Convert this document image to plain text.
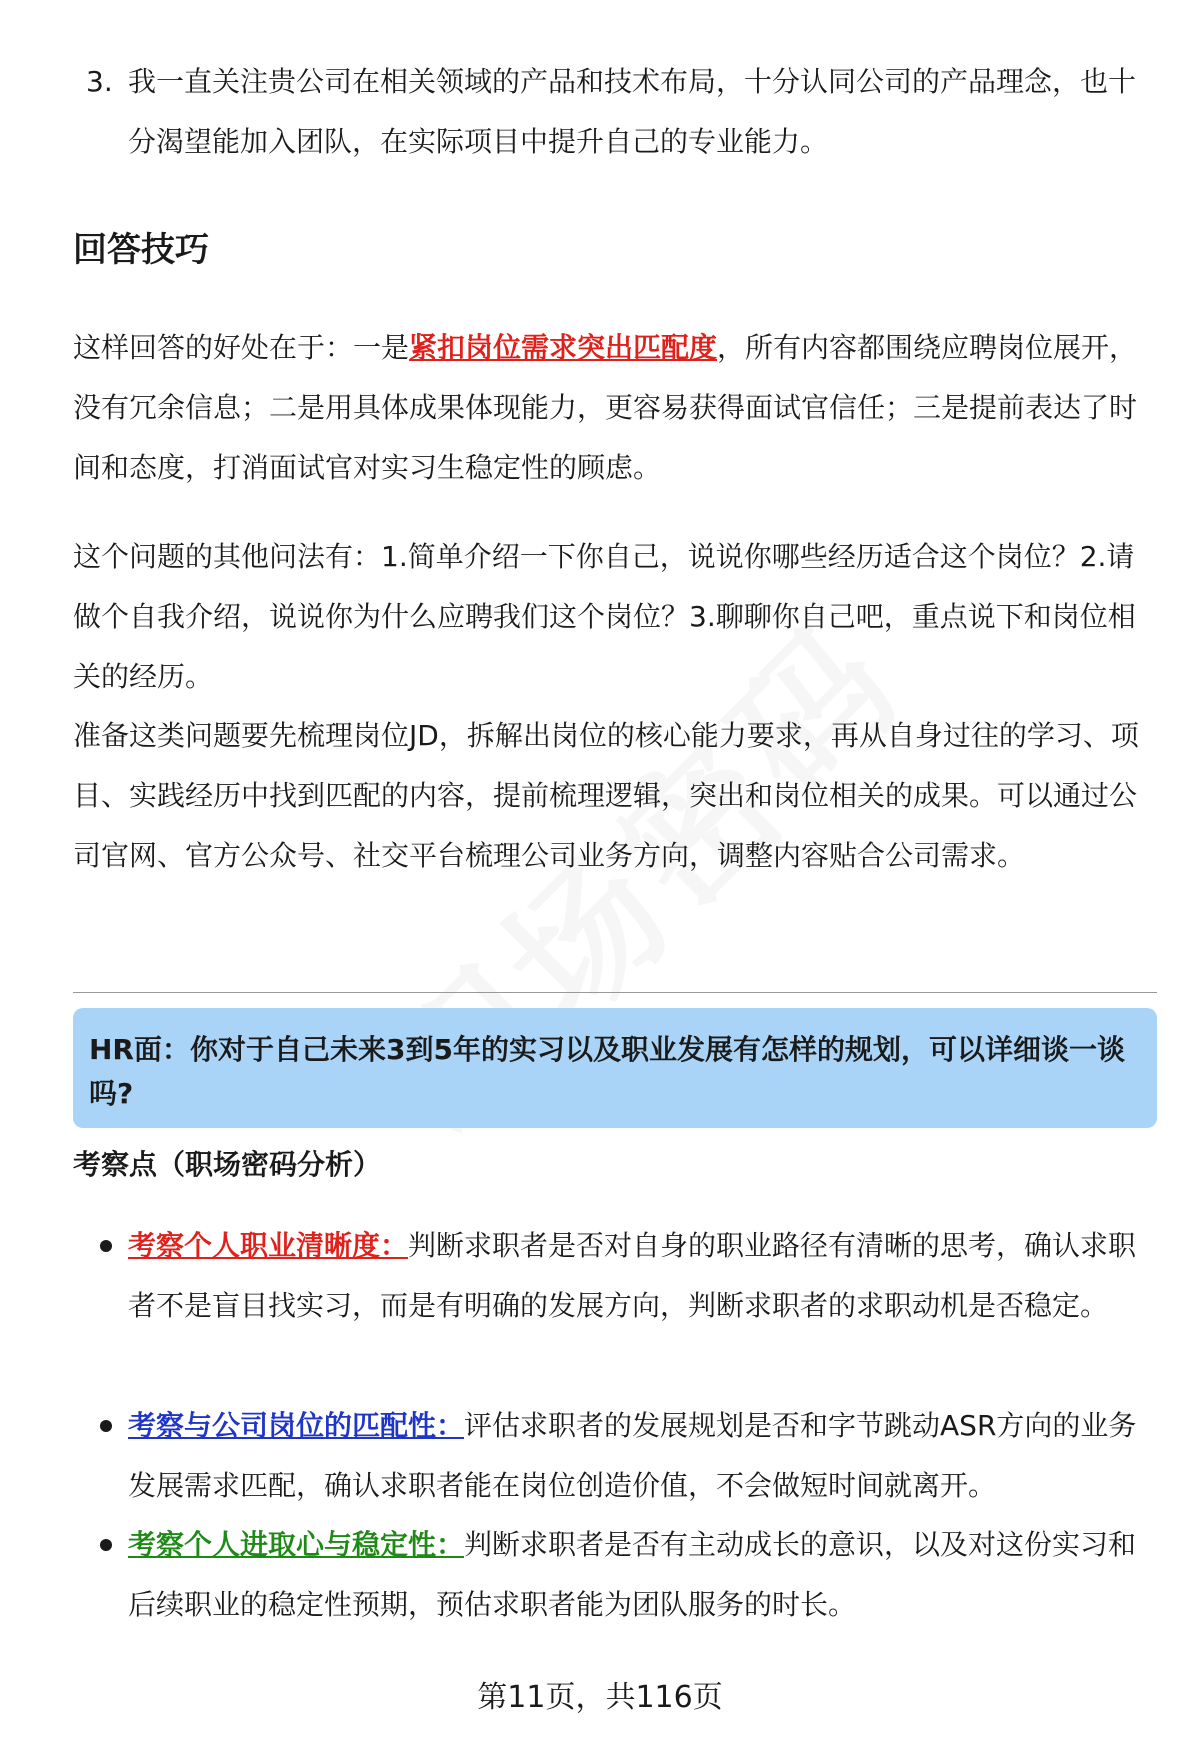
3. 我一直关注贵公司在相关领域的产品和技术布局，十分认同公司的产品理念，也十分渴望能加入团队，在实际项目中提升自己的专业能力。
回答技巧
这样回答的好处在于：一是紧扣岗位需求突出匹配度，所有内容都围绕应聘岗位展开，没有冗余信息；二是用具体成果体现能力，更容易获得面试官信任；三是提前表达了时间和态度，打消面试官对实习生稳定性的顾虑。
这个问题的其他问法有：1.简单介绍一下你自己，说说你哪些经历适合这个岗位？2.请做个自我介绍，说说你为什么应聘我们这个岗位？3.聊聊你自己吧，重点说下和岗位相关的经历。
准备这类问题要先梳理岗位JD，拆解出岗位的核心能力要求，再从自身过往的学习、项目、实践经历中找到匹配的内容，提前梳理逻辑，突出和岗位相关的成果。可以通过公司官网、官方公众号、社交平台梳理公司业务方向，调整内容贴合公司需求。
HR面：你对于自己未来3到5年的实习以及职业发展有怎样的规划，可以详细谈一谈吗?
考察点（职场密码分析）
考察个人职业清晰度：判断求职者是否对自身的职业路径有清晰的思考，确认求职者不是盲目找实习，而是有明确的发展方向，判断求职者的求职动机是否稳定。
考察与公司岗位的匹配性：评估求职者的发展规划是否和字节跳动ASR方向的业务发展需求匹配，确认求职者能在岗位创造价值，不会做短时间就离开。
考察个人进取心与稳定性：判断求职者是否有主动成长的意识，以及对这份实习和后续职业的稳定性预期，预估求职者能为团队服务的时长。
第11页，共116页
